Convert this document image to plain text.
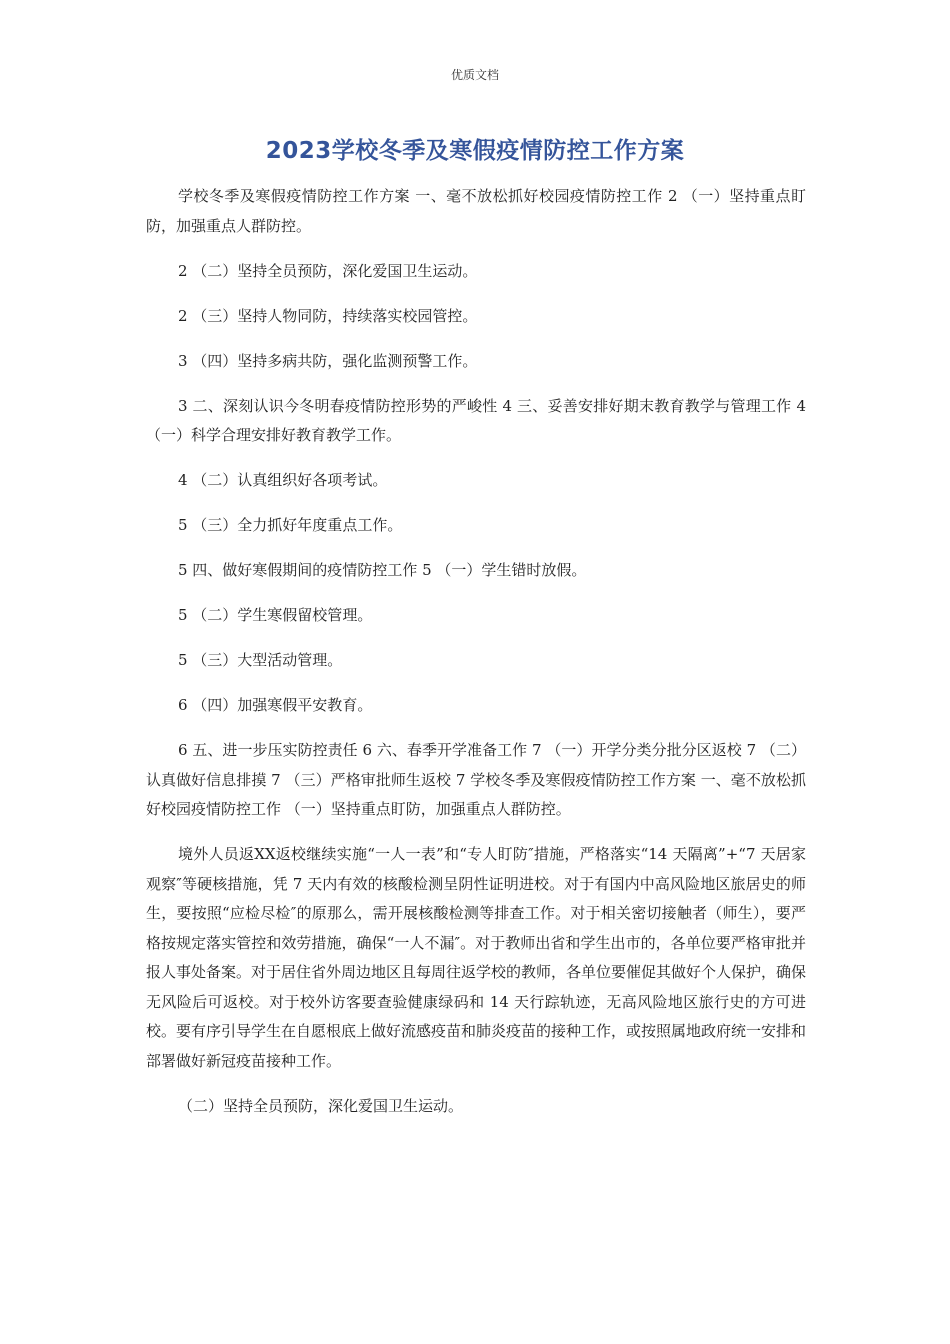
优质文档
2023学校冬季及寒假疫情防控工作方案

学校冬季及寒假疫情防控工作方案 一、毫不放松抓好校园疫情防控工作 2 （一）坚持重点盯防，加强重点人群防控。

2 （二）坚持全员预防，深化爱国卫生运动。

2 （三）坚持人物同防，持续落实校园管控。

3 （四）坚持多病共防，强化监测预警工作。

3 二、深刻认识今冬明春疫情防控形势的严峻性 4 三、妥善安排好期末教育教学与管理工作 4 （一）科学合理安排好教育教学工作。

4 （二）认真组织好各项考试。

5 （三）全力抓好年度重点工作。

5 四、做好寒假期间的疫情防控工作 5 （一）学生错时放假。

5 （二）学生寒假留校管理。

5 （三）大型活动管理。

6 （四）加强寒假平安教育。

6 五、进一步压实防控责任 6 六、春季开学准备工作 7 （一）开学分类分批分区返校 7 （二）认真做好信息排摸 7 （三）严格审批师生返校 7 学校冬季及寒假疫情防控工作方案 一、毫不放松抓好校园疫情防控工作 （一）坚持重点盯防，加强重点人群防控。

境外人员返XX返校继续实施“一人一表”和“专人盯防″措施，严格落实“14 天隔离”+“7 天居家观察″等硬核措施，凭 7 天内有效的核酸检测呈阴性证明进校。对于有国内中高风险地区旅居史的师生，要按照“应检尽检″的原那么，需开展核酸检测等排查工作。对于相关密切接触者（师生），要严格按规定落实管控和效劳措施，确保“一人不漏″。对于教师出省和学生出市的，各单位要严格审批并报人事处备案。对于居住省外周边地区且每周往返学校的教师，各单位要催促其做好个人保护，确保无风险后可返校。对于校外访客要查验健康绿码和 14 天行踪轨迹，无高风险地区旅行史的方可进校。要有序引导学生在自愿根底上做好流感疫苗和肺炎疫苗的接种工作，或按照属地政府统一安排和部署做好新冠疫苗接种工作。

（二）坚持全员预防，深化爱国卫生运动。
